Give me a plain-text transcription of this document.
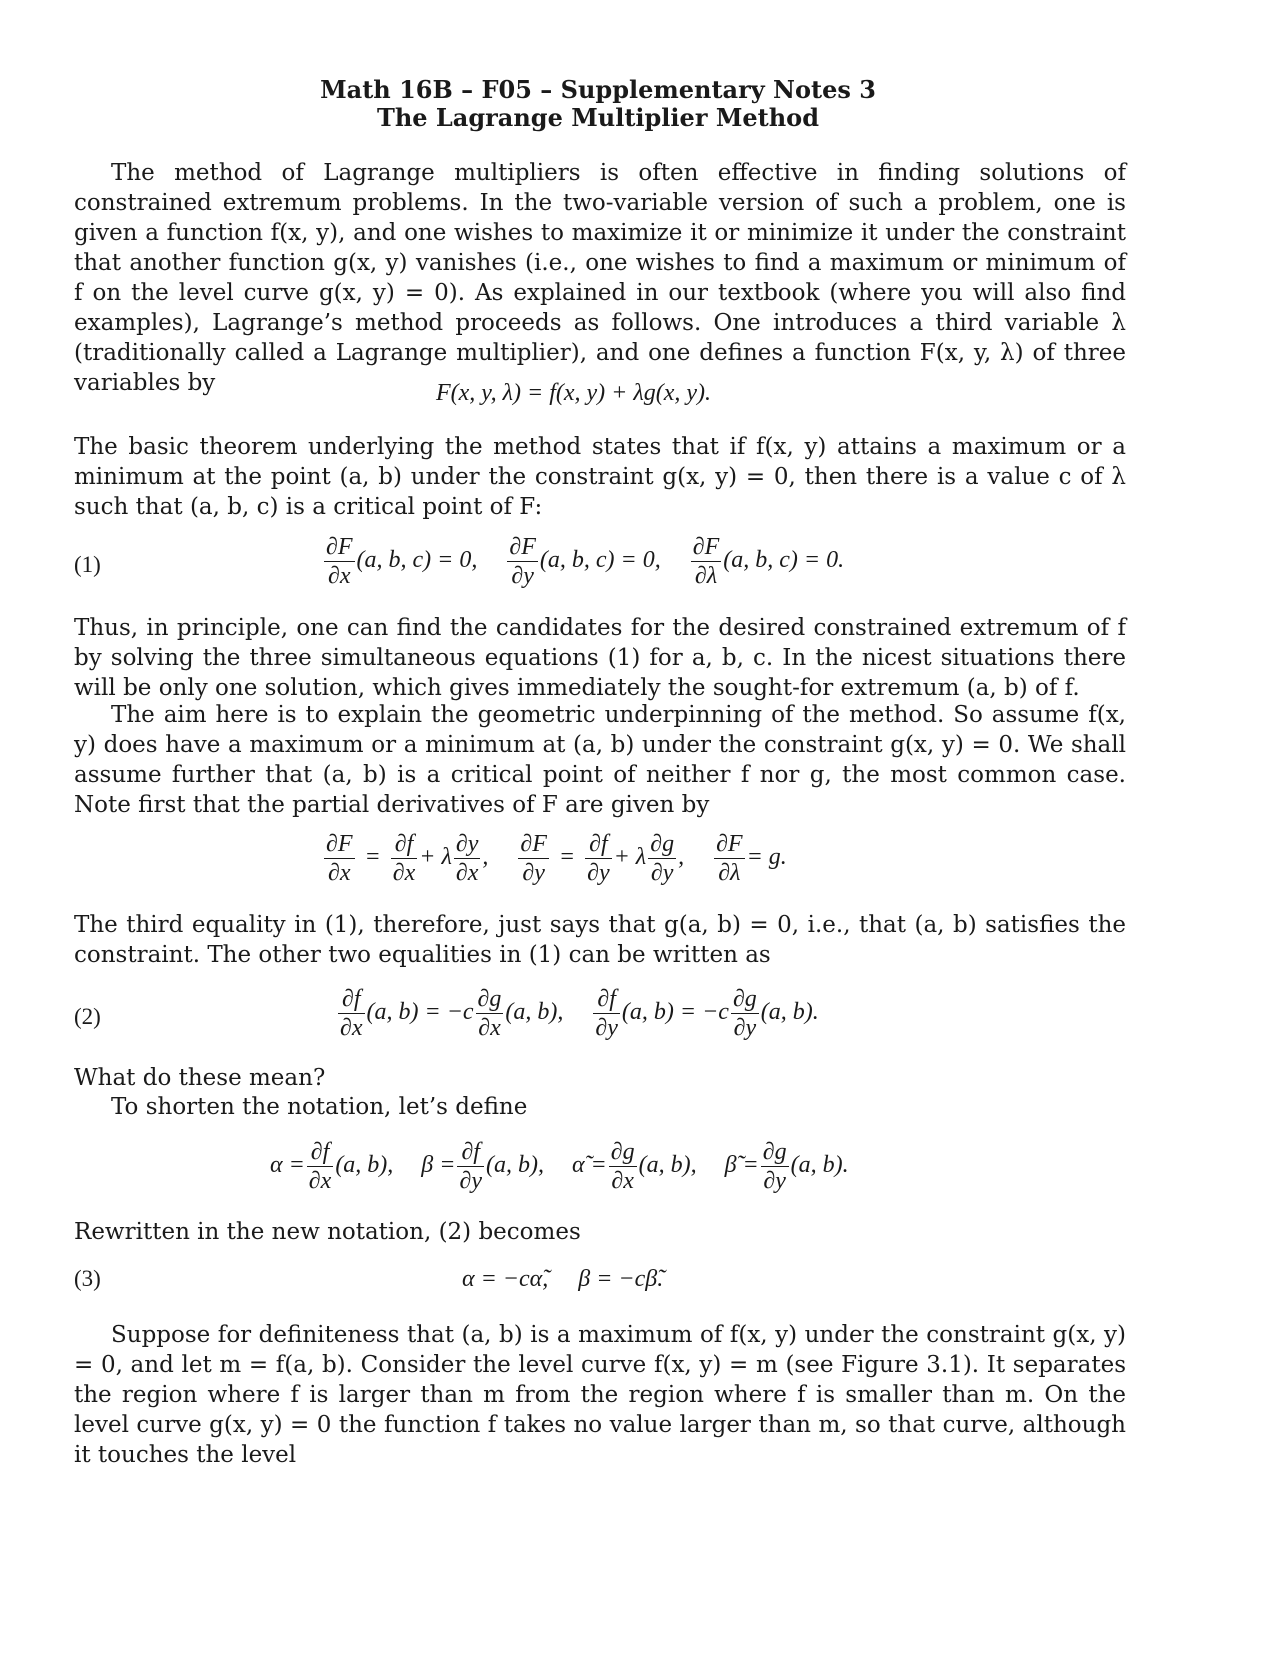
Math 16B – F05 – Supplementary Notes 3
The Lagrange Multiplier Method
The method of Lagrange multipliers is often effective in finding solutions of constrained extremum problems. In the two-variable version of such a problem, one is given a function f(x, y), and one wishes to maximize it or minimize it under the constraint that another function g(x, y) vanishes (i.e., one wishes to find a maximum or minimum of f on the level curve g(x, y) = 0). As explained in our textbook (where you will also find examples), Lagrange’s method proceeds as follows. One introduces a third variable λ (traditionally called a Lagrange multiplier), and one defines a function F(x, y, λ) of three variables by	F(x, y, λ) = f(x, y) + λg(x, y).
The basic theorem underlying the method states that if f(x, y) attains a maximum or a minimum at the point (a, b) under the constraint g(x, y) = 0, then there is a value c of λ such that (a, b, c) is a critical point of F:
(1)	$\frac{\partial F}{\partial x} (a$, b, c) = 0, $\frac{\partial F}{\partial y} (a$, b, c) = 0, $\frac{\partial F}{\partial\lambda} (a$, b, c) = 0.
Thus, in principle, one can find the candidates for the desired constrained extremum of f by solving the three simultaneous equations (1) for a, b, c. In the nicest situations there will be only one solution, which gives immediately the sought-for extremum (a, b) of f.
The aim here is to explain the geometric underpinning of the method. So assume f(x, y) does have a maximum or a minimum at (a, b) under the constraint g(x, y) = 0. We shall assume further that (a, b) is a critical point of neither f nor g, the most common case. Note first that the partial derivatives of F are given by
$\frac{\partial F}{\partial x} = \frac{\partial f}{\partial x} + \lambda \frac{\partial y}{\partial x}$ , $\frac{\partial F}{\partial y} = \frac{\partial f}{\partial y} + \lambda \frac{\partial g}{\partial y}$ , $\frac{\partial F}{\partial\lambda} = g$.
The third equality in (1), therefore, just says that g(a, b) = 0, i.e., that (a, b) satisfies the constraint. The other two equalities in (1) can be written as
(2)	$\frac{\partial f}{\partial x} (a$, $b) = -c \frac{\partial g}{\partial x} (a$, b), $\frac{\partial f}{\partial y} (a$, $b) = -c \frac{\partial g}{\partial y} (a$, b).
What do these mean?
To shorten the notation, let’s define
$\alpha = \frac{\partial f}{\partial x} (a$, b), $\beta = \frac{\partial f}{\partial y} (a$, b), α̃ = $\frac{\partial g}{\partial x} (a$, b), β̃ = $\frac{\partial g}{\partial y} (a$, b).
Rewritten in the new notation, (2) becomes
(3)	α = −cα̃,     β = −cβ̃.
Suppose for definiteness that (a, b) is a maximum of f(x, y) under the constraint g(x, y) = 0, and let m = f(a, b). Consider the level curve f(x, y) = m (see Figure 3.1). It separates the region where f is larger than m from the region where f is smaller than m. On the level curve g(x, y) = 0 the function f takes no value larger than m, so that curve, although it touches the level
